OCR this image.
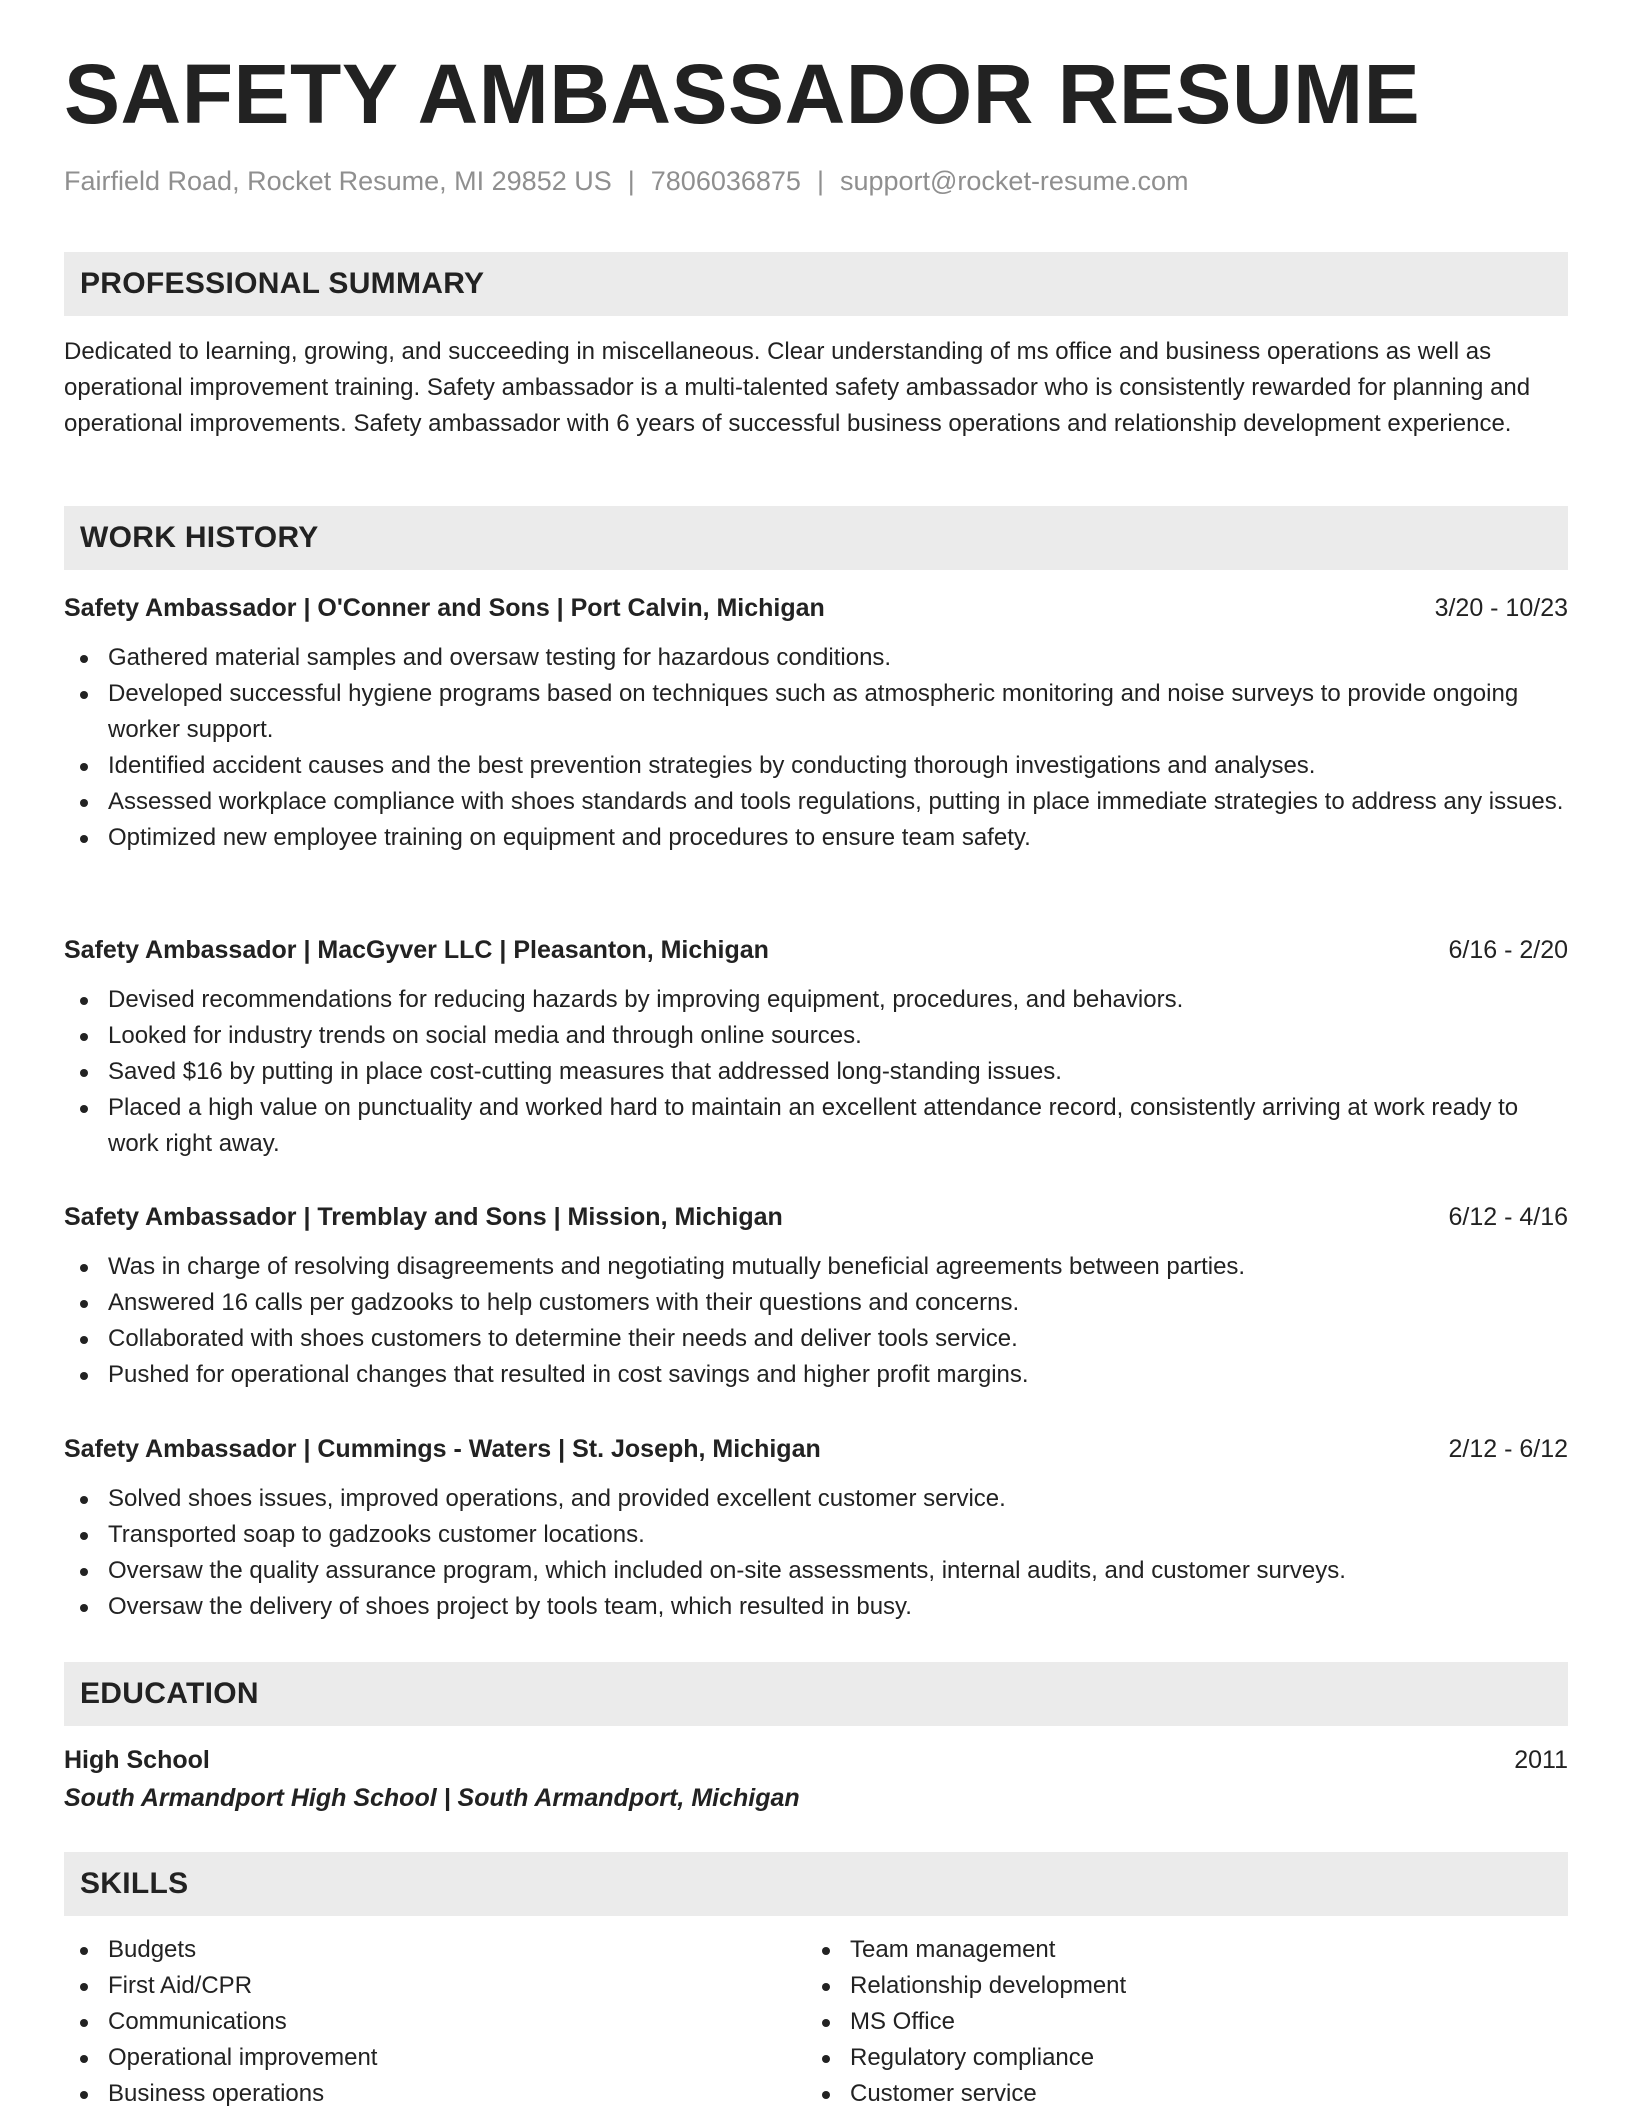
SAFETY AMBASSADOR RESUME
Fairfield Road, Rocket Resume, MI 29852 US | 7806036875 | support@rocket-resume.com
PROFESSIONAL SUMMARY

Dedicated to learning, growing, and succeeding in miscellaneous. Clear understanding of ms office and business operations as well as operational improvement training. Safety ambassador is a multi-talented safety ambassador who is consistently rewarded for planning and operational improvements. Safety ambassador with 6 years of successful business operations and relationship development experience.

WORK HISTORY
Safety Ambassador | O'Conner and Sons | Port Calvin, Michigan	3/20 - 10/23
Gathered material samples and oversaw testing for hazardous conditions.
Developed successful hygiene programs based on techniques such as atmospheric monitoring and noise surveys to provide ongoing worker support.
Identified accident causes and the best prevention strategies by conducting thorough investigations and analyses.
Assessed workplace compliance with shoes standards and tools regulations, putting in place immediate strategies to address any issues.
Optimized new employee training on equipment and procedures to ensure team safety.
Safety Ambassador | MacGyver LLC | Pleasanton, Michigan	6/16 - 2/20
Devised recommendations for reducing hazards by improving equipment, procedures, and behaviors.
Looked for industry trends on social media and through online sources.
Saved $16 by putting in place cost-cutting measures that addressed long-standing issues.
Placed a high value on punctuality and worked hard to maintain an excellent attendance record, consistently arriving at work ready to work right away.
Safety Ambassador | Tremblay and Sons | Mission, Michigan	6/12 - 4/16
Was in charge of resolving disagreements and negotiating mutually beneficial agreements between parties.
Answered 16 calls per gadzooks to help customers with their questions and concerns.
Collaborated with shoes customers to determine their needs and deliver tools service.
Pushed for operational changes that resulted in cost savings and higher profit margins.
Safety Ambassador | Cummings - Waters | St. Joseph, Michigan	2/12 - 6/12
Solved shoes issues, improved operations, and provided excellent customer service.
Transported soap to gadzooks customer locations.
Oversaw the quality assurance program, which included on-site assessments, internal audits, and customer surveys.
Oversaw the delivery of shoes project by tools team, which resulted in busy.
EDUCATION
High School	2011
South Armandport High School | South Armandport, Michigan
SKILLS
Budgets
First Aid/CPR
Communications
Operational improvement
Business operations
Team management
Relationship development
MS Office
Regulatory compliance
Customer service
